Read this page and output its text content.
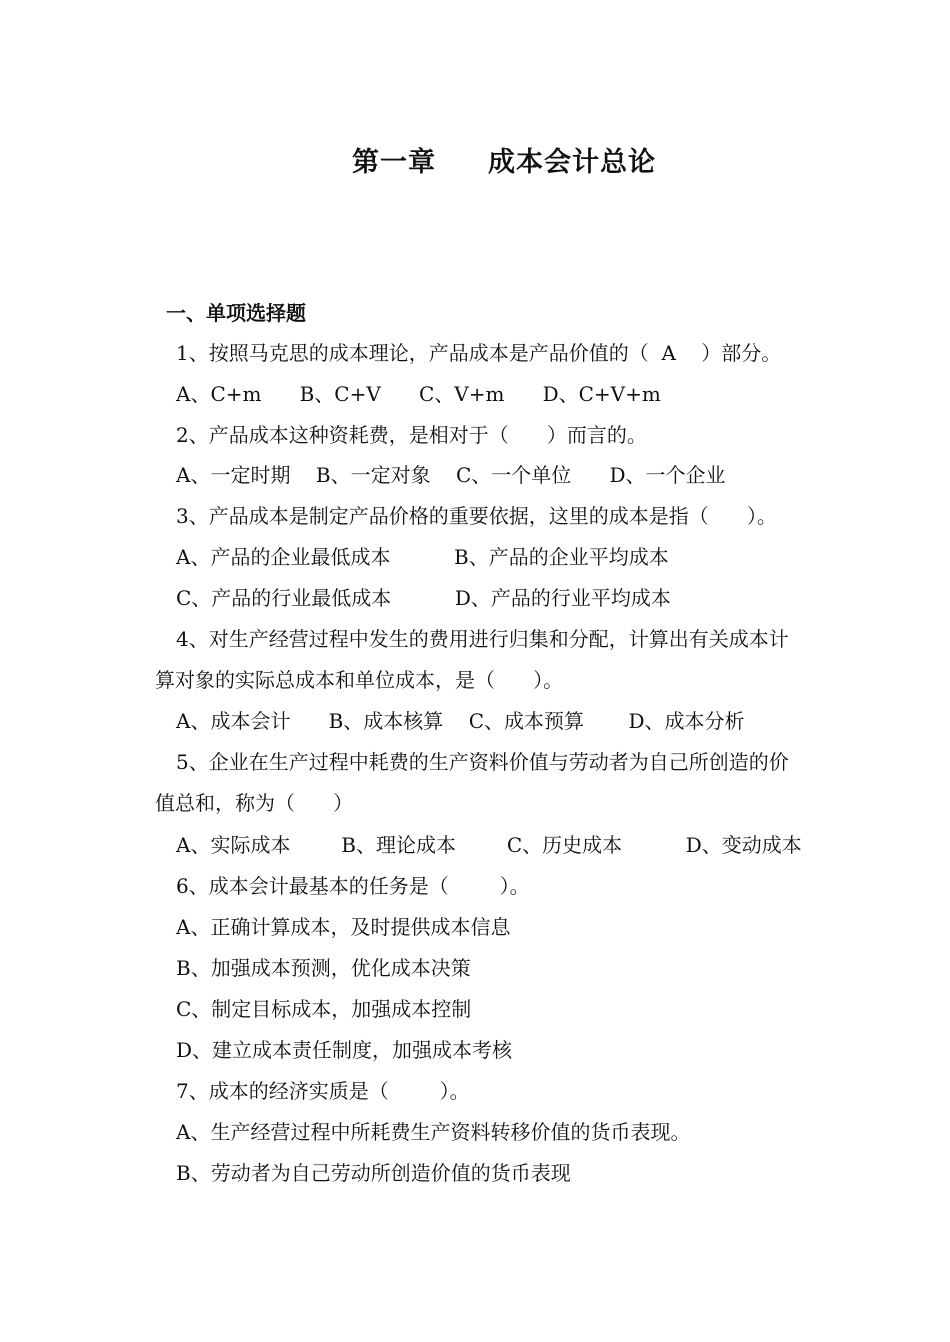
第一章     成本会计总论
一、单项选择题
1、按照马克思的成本理论，产品成本是产品价值的（  A    ）部分。
A、C+m      B、C+V      C、V+m      D、C+V+m
2、产品成本这种资耗费，是相对于（      ）而言的。
A、一定时期    B、一定对象    C、一个单位      D、一个企业
3、产品成本是制定产品价格的重要依据，这里的成本是指（      ）。
A、产品的企业最低成本          B、产品的企业平均成本
C、产品的行业最低成本          D、产品的行业平均成本
4、对生产经营过程中发生的费用进行归集和分配，计算出有关成本计
算对象的实际总成本和单位成本，是（      ）。
A、成本会计      B、成本核算    C、成本预算       D、成本分析
5、企业在生产过程中耗费的生产资料价值与劳动者为自己所创造的价
值总和，称为（      ）
A、实际成本        B、理论成本        C、历史成本          D、变动成本
6、成本会计最基本的任务是（        ）。
A、正确计算成本，及时提供成本信息
B、加强成本预测，优化成本决策
C、制定目标成本，加强成本控制
D、建立成本责任制度，加强成本考核
7、成本的经济实质是（        ）。
A、生产经营过程中所耗费生产资料转移价值的货币表现。
B、劳动者为自己劳动所创造价值的货币表现
